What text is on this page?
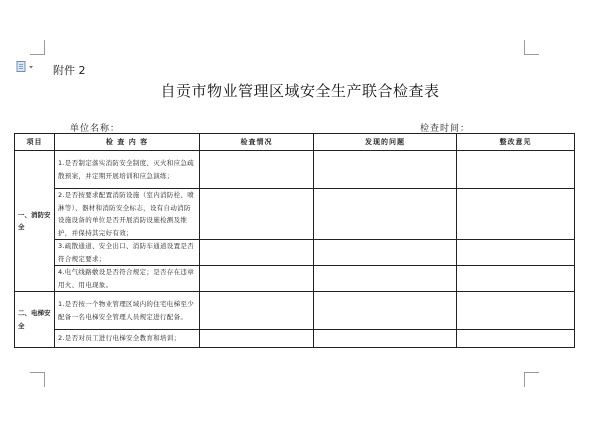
附件 2
自贡市物业管理区域安全生产联合检查表
单位名称：	检查时间：
项目	检 查 内 容	检查情况	发现的问题	整改意见

一、消防安全	1.是否制定落实消防安全制度、灭火和应急疏散预案，并定期开展培训和应急演练；			
	2.是否按要求配置消防设施（室内消防栓、喷淋等）、器材和消防安全标志，设有自动消防设施设备的单位是否开展消防设施检测及维护，并保持其完好有效；			
	3.疏散通道、安全出口、消防车通道设置是否符合规定要求；			
	4.电气线路敷设是否符合规定；是否存在违章用火、用电现象。			

二、电梯安全	1.是否按一个物业管理区域内的住宅电梯至少配备一名电梯安全管理人员规定进行配备。			
	2.是否对员工进行电梯安全教育和培训；			
